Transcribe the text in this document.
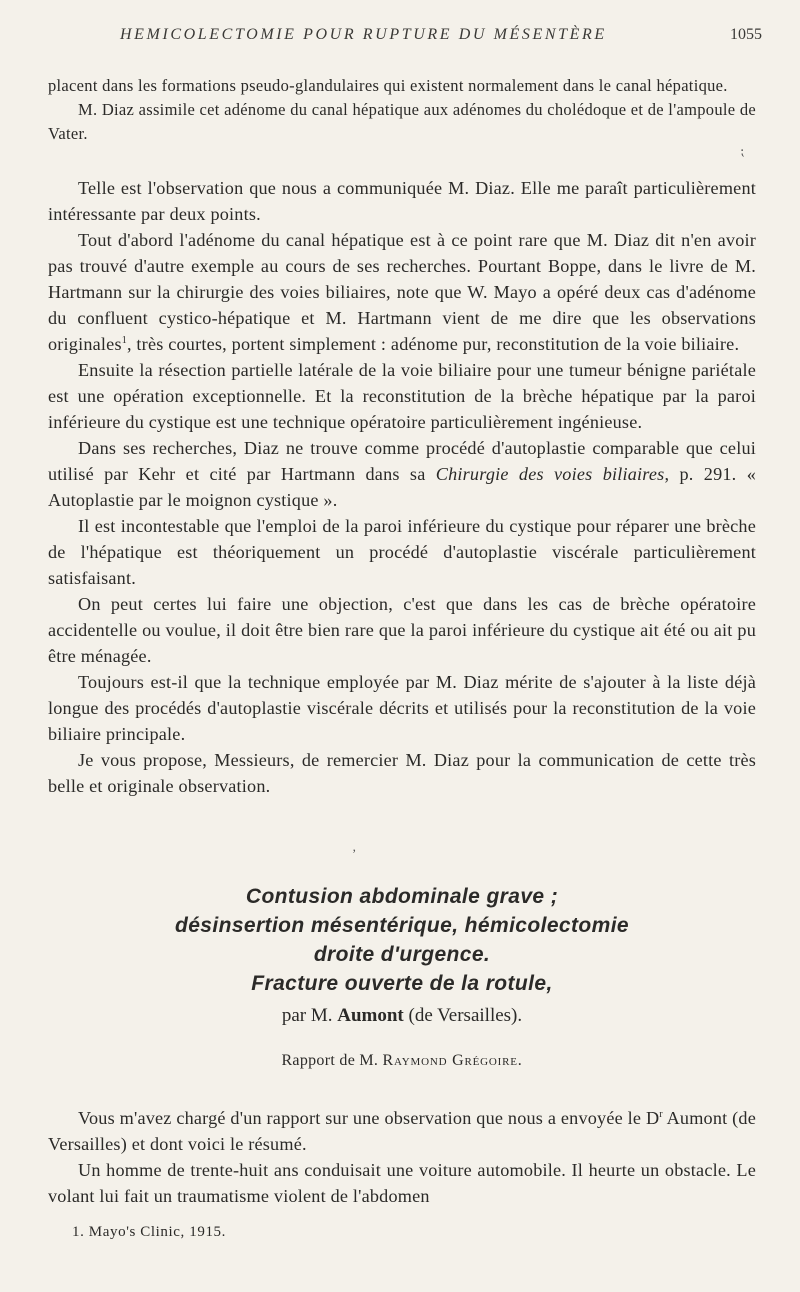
HEMICOLECTOMIE POUR RUPTURE DU MÉSENTÈRE	1055

placent dans les formations pseudo-glandulaires qui existent normalement dans le canal hépatique.

M. Diaz assimile cet adénome du canal hépatique aux adénomes du cholédoque et de l'ampoule de Vater.

⁏

Telle est l'observation que nous a communiquée M. Diaz. Elle me paraît particulièrement intéressante par deux points.

Tout d'abord l'adénome du canal hépatique est à ce point rare que M. Diaz dit n'en avoir pas trouvé d'autre exemple au cours de ses recherches. Pourtant Boppe, dans le livre de M. Hartmann sur la chirurgie des voies biliaires, note que W. Mayo a opéré deux cas d'adénome du confluent cystico-hépatique et M. Hartmann vient de me dire que les observations originales$^1$, très courtes, portent simplement : adénome pur, reconstitution de la voie biliaire.

Ensuite la résection partielle latérale de la voie biliaire pour une tumeur bénigne pariétale est une opération exceptionnelle. Et la reconstitution de la brèche hépatique par la paroi inférieure du cystique est une technique opératoire particulièrement ingénieuse.

Dans ses recherches, Diaz ne trouve comme procédé d'autoplastie comparable que celui utilisé par Kehr et cité par Hartmann dans sa Chirurgie des voies biliaires, p. 291. « Autoplastie par le moignon cystique ».

Il est incontestable que l'emploi de la paroi inférieure du cystique pour réparer une brèche de l'hépatique est théoriquement un procédé d'autoplastie viscérale particulièrement satisfaisant.

On peut certes lui faire une objection, c'est que dans les cas de brèche opératoire accidentelle ou voulue, il doit être bien rare que la paroi inférieure du cystique ait été ou ait pu être ménagée.

Toujours est-il que la technique employée par M. Diaz mérite de s'ajouter à la liste déjà longue des procédés d'autoplastie viscérale décrits et utilisés pour la reconstitution de la voie biliaire principale.

Je vous propose, Messieurs, de remercier M. Diaz pour la communication de cette très belle et originale observation.

ʼ
Contusion abdominale grave ;
désinsertion mésentérique, hémicolectomie
droite d'urgence.
Fracture ouverte de la rotule,
par M. Aumont (de Versailles).
Rapport de M. Raymond Grégoire.

Vous m'avez chargé d'un rapport sur une observation que nous a envoyée le $D^r$ Aumont (de Versailles) et dont voici le résumé.

Un homme de trente-huit ans conduisait une voiture automobile. Il heurte un obstacle. Le volant lui fait un traumatisme violent de l'abdomen

1. Mayo's Clinic, 1915.
